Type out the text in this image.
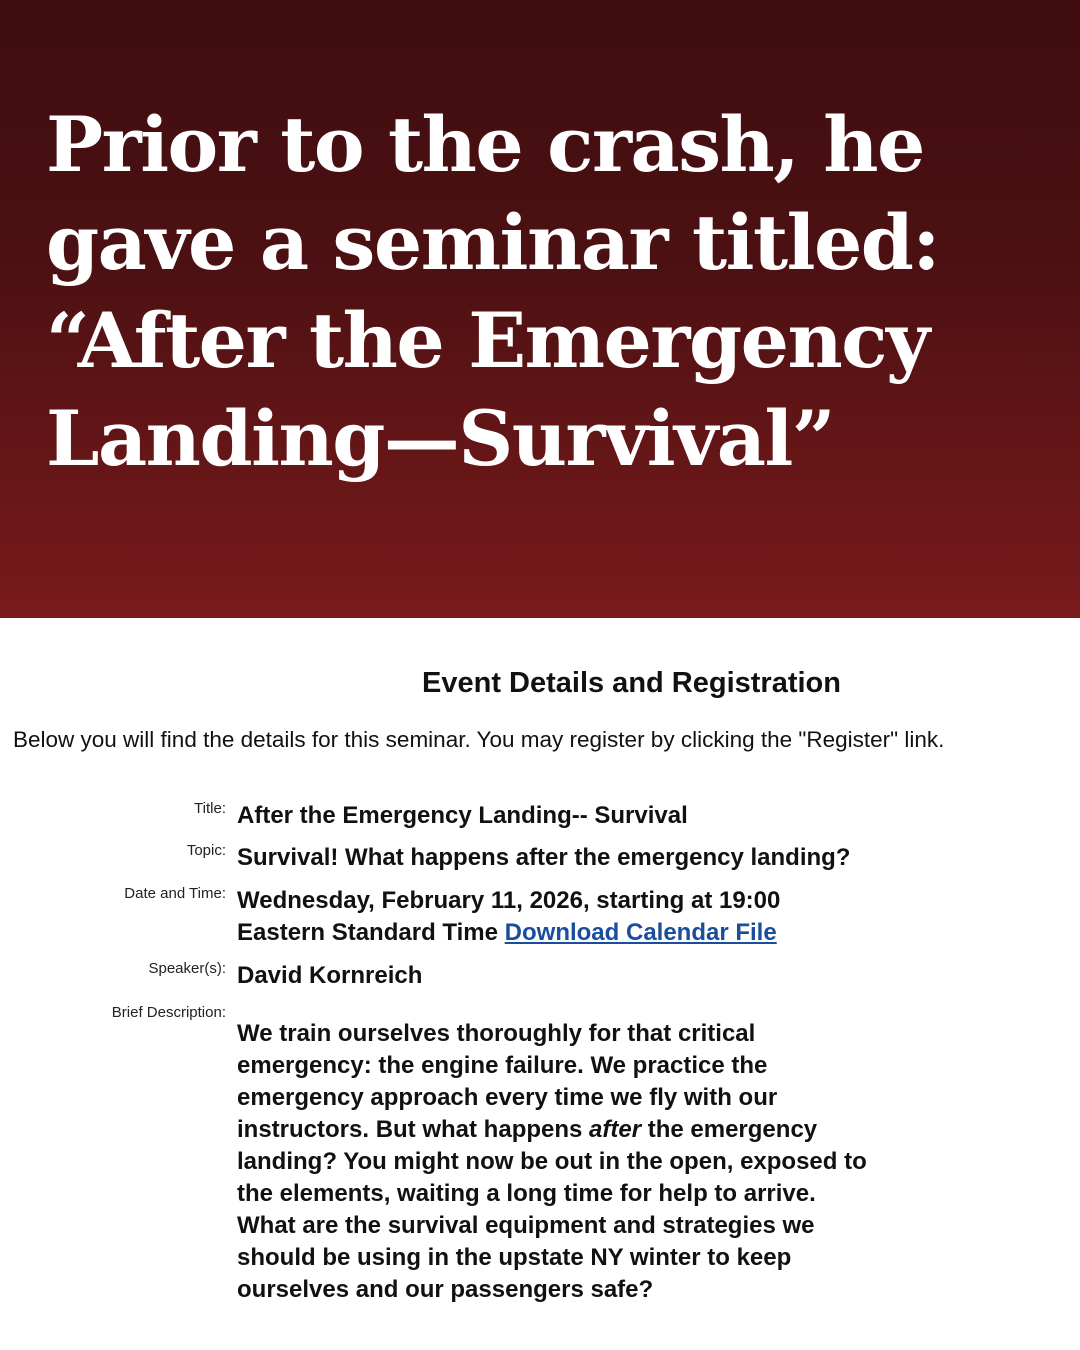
Prior to the crash, he
gave a seminar titled:
“After the Emergency
Landing—Survival”
Event Details and Registration

Below you will find the details for this seminar. You may register by clicking the "Register" link.

Title: After the Emergency Landing-- Survival
Topic: Survival! What happens after the emergency landing?
Date and Time: Wednesday, February 11, 2026, starting at 19:00
Eastern Standard Time Download Calendar File
Speaker(s): David Kornreich
Brief Description:

We train ourselves thoroughly for that critical

emergency: the engine failure. We practice the

emergency approach every time we fly with our

instructors. But what happens after the emergency

landing? You might now be out in the open, exposed to

the elements, waiting a long time for help to arrive.

What are the survival equipment and strategies we

should be using in the upstate NY winter to keep

ourselves and our passengers safe?
